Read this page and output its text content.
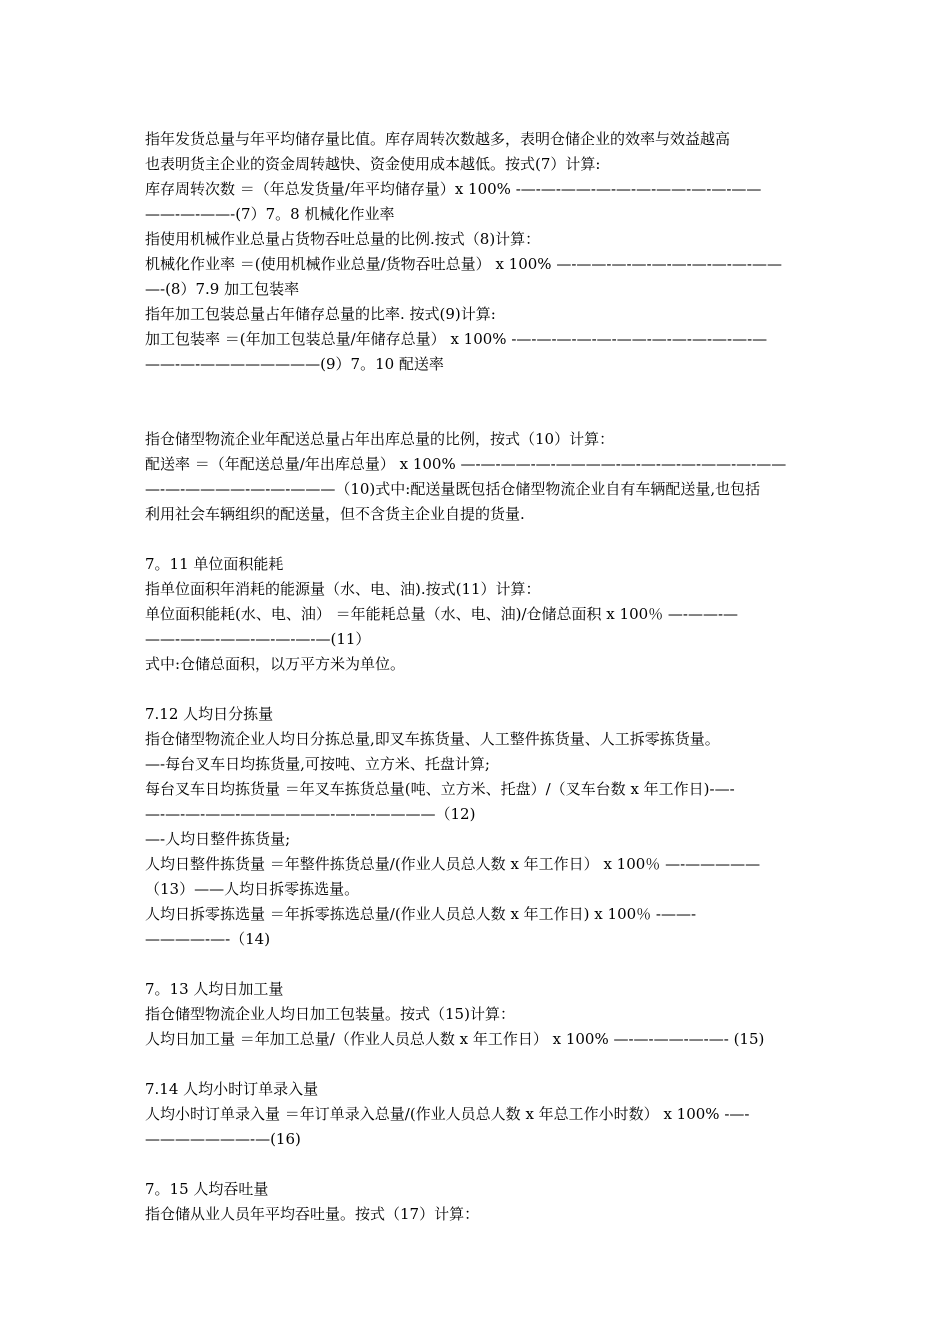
指年发货总量与年平均储存量比值。库存周转次数越多，表明仓储企业的效率与效益越高
也表明货主企业的资金周转越快、资金使用成本越低。按式(7）计算:
库存周转次数 ＝（年总发货量/年平均储存量）x 100% -—-—-——-—-—-—-——-—-—-——
——-—-——-(7）7。8 机械化作业率
指使用机械作业总量占货物吞吐总量的比例.按式（8)计算：
机械化作业率 ＝(使用机械作业总量/货物吞吐总量） x 100% —-——-—-—-—-—-—-—-—-——
—-(8）7.9 加工包装率
指年加工包装总量占年储存总量的比率. 按式(9)计算:
加工包装率 ＝(年加工包装总量/年储存总量） x 100% -—-—-—-—-—-——-—-—-—-—-—-—
——-—-————————(9）7。10 配送率
指仓储型物流企业年配送总量占年出库总量的比例，按式（10）计算：
配送率 ＝（年配送总量/年出库总量） x 100% —-—-——-—-————-—-—-—-—-——-—-——
—-—-————-—-—-———（10)式中:配送量既包括仓储型物流企业自有车辆配送量,也包括
利用社会车辆组织的配送量，但不含货主企业自提的货量.
7。11 单位面积能耗
指单位面积年消耗的能源量（水、电、油).按式(11）计算：
单位面积能耗(水、电、油） ＝年能耗总量（水、电、油)/仓储总面积 x 100％ —-——-—
——-—-—-——-—-—-—-—(11）
式中:仓储总面积，以万平方米为单位。
7.12 人均日分拣量
指仓储型物流企业人均日分拣总量,即叉车拣货量、人工整件拣货量、人工拆零拣货量。
—-每台叉车日均拣货量,可按吨、立方米、托盘计算;
每台叉车日均拣货量 ＝年叉车拣货总量(吨、立方米、托盘）/（叉车台数 x 年工作日)-—-
—-—-—-——-——————-—-—-————（12)
—-人均日整件拣货量;
人均日整件拣货量 ＝年整件拣货总量/(作业人员总人数 x 年工作日） x 100％ —-—————
（13）——人均日拆零拣选量。
人均日拆零拣选量 ＝年拆零拣选总量/(作业人员总人数 x 年工作日) x 100％ -——-
————-—-（14)
7。13 人均日加工量
指仓储型物流企业人均日加工包装量。按式（15)计算：
人均日加工量 ＝年加工总量/（作业人员总人数 x 年工作日） x 100% —-—-——-—-—- (15)
7.14 人均小时订单录入量
人均小时订单录入量 ＝年订单录入总量/(作业人员总人数 x 年总工作小时数） x 100% -—-
———————-—(16)
7。15 人均吞吐量
指仓储从业人员年平均吞吐量。按式（17）计算：
